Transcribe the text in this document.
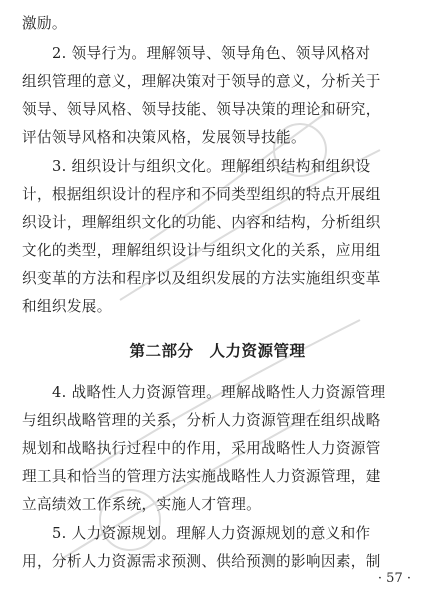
激励。
2. 领导行为。理解领导、领导角色、领导风格对
组织管理的意义，理解决策对于领导的意义，分析关于
领导、领导风格、领导技能、领导决策的理论和研究，
评估领导风格和决策风格，发展领导技能。
3. 组织设计与组织文化。理解组织结构和组织设
计，根据组织设计的程序和不同类型组织的特点开展组
织设计，理解组织文化的功能、内容和结构，分析组织
文化的类型，理解组织设计与组织文化的关系，应用组
织变革的方法和程序以及组织发展的方法实施组织变革
和组织发展。
第二部分　人力资源管理
4. 战略性人力资源管理。理解战略性人力资源管理
与组织战略管理的关系，分析人力资源管理在组织战略
规划和战略执行过程中的作用，采用战略性人力资源管
理工具和恰当的管理方法实施战略性人力资源管理，建
立高绩效工作系统，实施人才管理。
5. 人力资源规划。理解人力资源规划的意义和作
用，分析人力资源需求预测、供给预测的影响因素，制
· 57 ·
